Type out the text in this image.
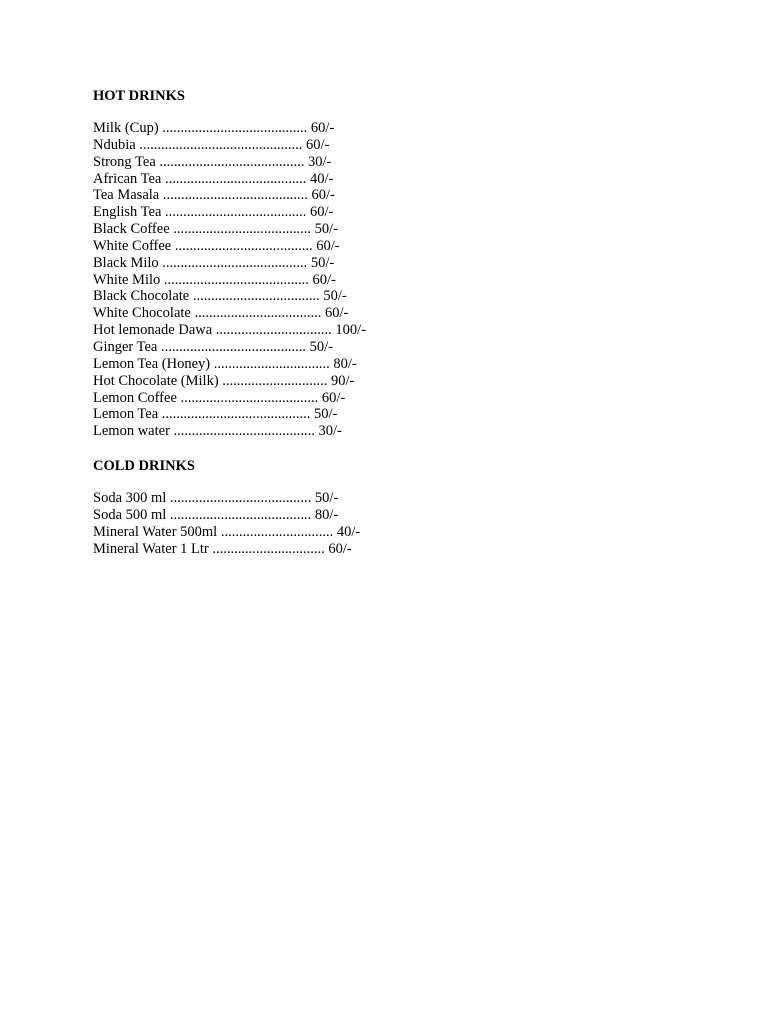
HOT DRINKS
Milk (Cup) ........................................ 60/-
Ndubia ............................................. 60/-
Strong Tea ........................................ 30/-
African Tea ....................................... 40/-
Tea Masala ........................................ 60/-
English Tea ....................................... 60/-
Black Coffee ...................................... 50/-
White Coffee ...................................... 60/-
Black Milo ........................................ 50/-
White Milo ........................................ 60/-
Black Chocolate ................................... 50/-
White Chocolate ................................... 60/-
Hot lemonade Dawa ................................ 100/-
Ginger Tea ........................................ 50/-
Lemon Tea (Honey) ................................ 80/-
Hot Chocolate (Milk) ............................. 90/-
Lemon Coffee ...................................... 60/-
Lemon Tea ......................................... 50/-
Lemon water ....................................... 30/-
COLD DRINKS
Soda 300 ml ....................................... 50/-
Soda 500 ml ....................................... 80/-
Mineral Water 500ml ............................... 40/-
Mineral Water 1 Ltr ............................... 60/-
